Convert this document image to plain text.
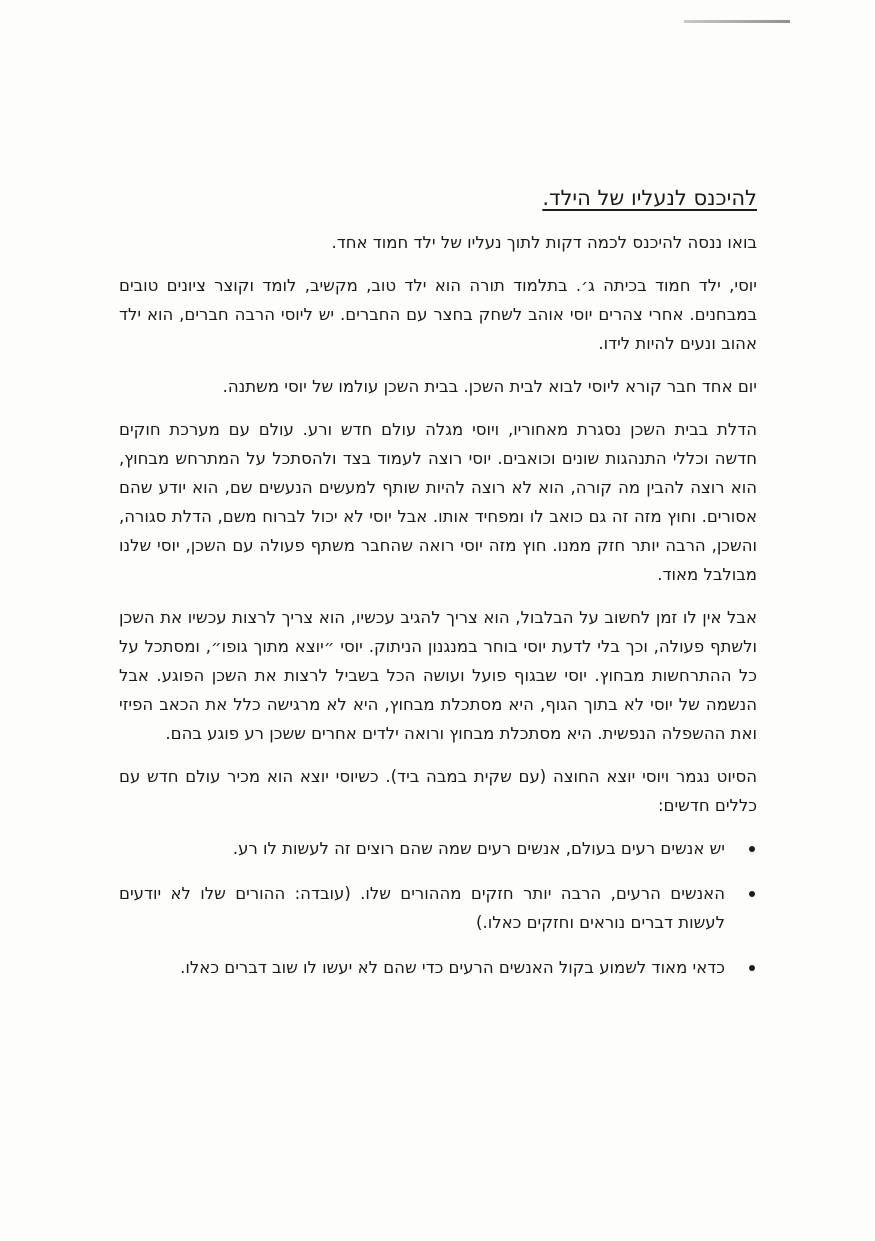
להיכנס לנעליו של הילד.

בואו ננסה להיכנס לכמה דקות לתוך נעליו של ילד חמוד אחד.

יוסי, ילד חמוד בכיתה ג׳. בתלמוד תורה הוא ילד טוב, מקשיב, לומד וקוצר ציונים טובים במבחנים. אחרי צהרים יוסי אוהב לשחק בחצר עם החברים. יש ליוסי הרבה חברים, הוא ילד אהוב ונעים להיות לידו.

יום אחד חבר קורא ליוסי לבוא לבית השכן. בבית השכן עולמו של יוסי משתנה.

הדלת בבית השכן נסגרת מאחוריו, ויוסי מגלה עולם חדש ורע. עולם עם מערכת חוקים חדשה וכללי התנהגות שונים וכואבים. יוסי רוצה לעמוד בצד ולהסתכל על המתרחש מבחוץ, הוא רוצה להבין מה קורה, הוא לא רוצה להיות שותף למעשים הנעשים שם, הוא יודע שהם אסורים. וחוץ מזה זה גם כואב לו ומפחיד אותו. אבל יוסי לא יכול לברוח משם, הדלת סגורה, והשכן, הרבה יותר חזק ממנו. חוץ מזה יוסי רואה שהחבר משתף פעולה עם השכן, יוסי שלנו מבולבל מאוד.

אבל אין לו זמן לחשוב על הבלבול, הוא צריך להגיב עכשיו, הוא צריך לרצות עכשיו את השכן ולשתף פעולה, וכך בלי לדעת יוסי בוחר במנגנון הניתוק. יוסי ״יוצא מתוך גופו״, ומסתכל על כל ההתרחשות מבחוץ. יוסי שבגוף פועל ועושה הכל בשביל לרצות את השכן הפוגע. אבל הנשמה של יוסי לא בתוך הגוף, היא מסתכלת מבחוץ, היא לא מרגישה כלל את הכאב הפיזי ואת ההשפלה הנפשית. היא מסתכלת מבחוץ ורואה ילדים אחרים ששכן רע פוגע בהם.

הסיוט נגמר ויוסי יוצא החוצה (עם שקית במבה ביד). כשיוסי יוצא הוא מכיר עולם חדש עם כללים חדשים:

יש אנשים רעים בעולם, אנשים רעים שמה שהם רוצים זה לעשות לו רע.
האנשים הרעים, הרבה יותר חזקים מההורים שלו. (עובדה: ההורים שלו לא יודעים לעשות דברים נוראים וחזקים כאלו.)
כדאי מאוד לשמוע בקול האנשים הרעים כדי שהם לא יעשו לו שוב דברים כאלו.
